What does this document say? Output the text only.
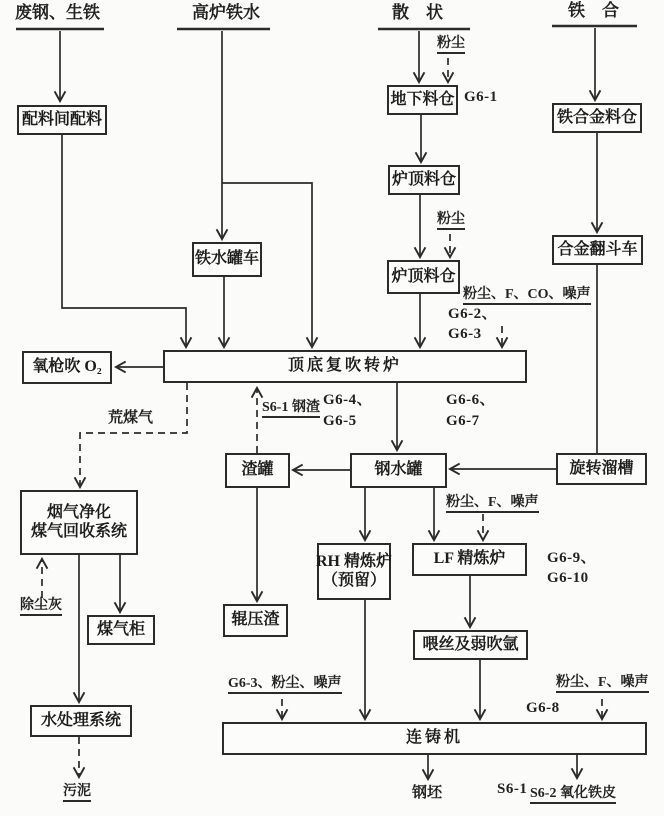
废钢、生铁	高炉铁水	散　状	铁　合
配料间配料
地下料仓
炉顶料仓
炉顶料仓
铁合金料仓
合金翻斗车
铁水罐车
氧枪吹 O₂	顶底复吹转炉
渣罐	钢水罐	旋转溜槽
烟气净化
煤气回收系统
煤气柜
辊压渣
RH 精炼炉
（预留）
LF 精炼炉
喂丝及弱吹氩
水处理系统
连铸机
粉尘
G6-1
粉尘
粉尘、F、CO、噪声
G6-2、
G6-3
S6-1 钢渣 G6-4、
G6-5
G6-6、
G6-7
荒煤气
粉尘、F、噪声
G6-9、
G6-10
除尘灰
G6-3、粉尘、噪声
G6-8
粉尘、F、噪声
钢坯	S6-1 S6-2 氧化铁皮
污泥
